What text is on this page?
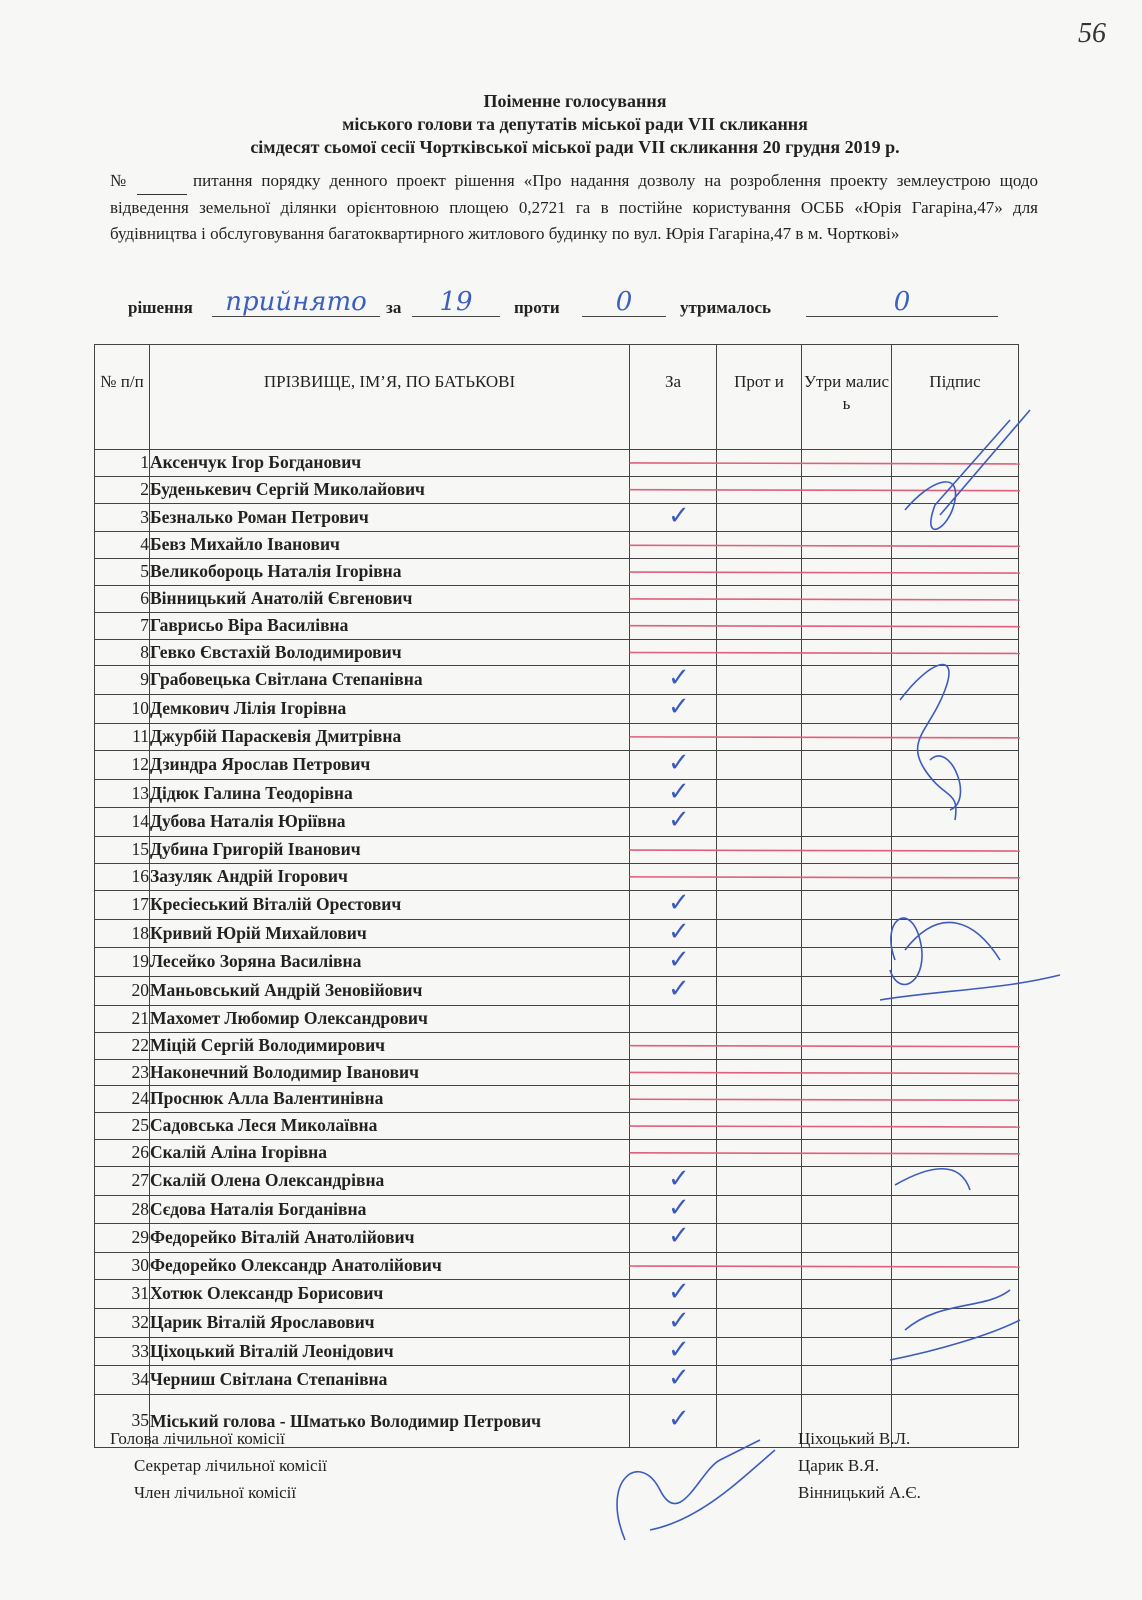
56
Поіменне голосування
міського голови та депутатів міської ради VII скликання
сімдесят сьомої сесії Чортківської міської ради VII скликання 20 грудня 2019 р.
№	питання порядку денного проект рішення «Про надання дозволу на розроблення проекту землеустрою щодо відведення земельної ділянки орієнтовною площею 0,2721 га в постійне користування ОСББ «Юрія Гагаріна,47» для будівництва і обслуговування багатоквартирного житлового будинку по вул. Юрія Гагаріна,47 в м. Чорткові»
рішення	прийнято	за	19	проти	0	утрималось	0
№ п/п	ПРІЗВИЩЕ, ІМ’Я, ПО БАТЬКОВІ	За	Прот и	Утри малис ь	Підпис
1	Аксенчук Ігор Богданович				
2	Буденькевич Сергій Миколайович				
3	Безналько Роман Петрович	✓			
4	Бевз Михайло Іванович				
5	Великобороць Наталія Ігорівна				
6	Вінницький Анатолій Євгенович				
7	Гаврисьо Віра Василівна				
8	Гевко Євстахій Володимирович				
9	Грабовецька Світлана Степанівна	✓			
10	Демкович Лілія Ігорівна	✓			
11	Джурбій Параскевія Дмитрівна				
12	Дзиндра Ярослав Петрович	✓			
13	Дідюк Галина Теодорівна	✓			
14	Дубова Наталія Юріївна	✓			
15	Дубина Григорій Іванович				
16	Зазуляк Андрій Ігорович				
17	Кресіеський Віталій Орестович	✓			
18	Кривий Юрій Михайлович	✓			
19	Лесейко Зоряна Василівна	✓			
20	Маньовський Андрій Зеновійович	✓			
21	Махомет Любомир Олександрович				
22	Міцій Сергій Володимирович				
23	Наконечний Володимир Іванович				
24	Проснюк Алла Валентинівна				
25	Садовська Леся Миколаївна				
26	Скалій Аліна Ігорівна				
27	Скалій Олена Олександрівна	✓			
28	Сєдова Наталія Богданівна	✓			
29	Федорейко Віталій Анатолійович	✓			
30	Федорейко Олександр Анатолійович				
31	Хотюк Олександр Борисович	✓			
32	Царик Віталій Ярославович	✓			
33	Ціхоцький Віталій Леонідович	✓			
34	Черниш Світлана Степанівна	✓			
35	Міський голова - Шматько Володимир Петрович	✓			
Голова лічильної комісії	Ціхоцький В.Л.
Секретар лічильної комісії	Царик В.Я.
Член лічильної комісії	Вінницький А.Є.
